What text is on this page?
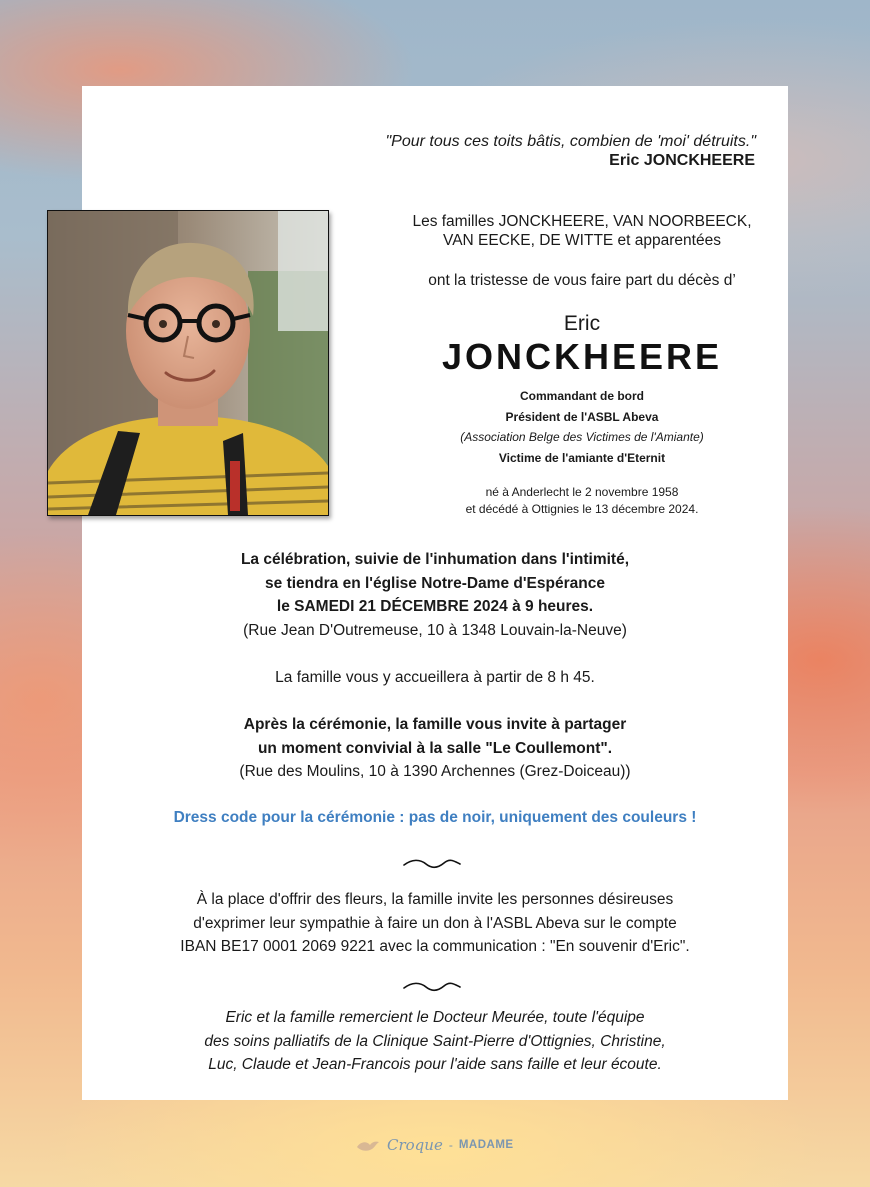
"Pour tous ces toits bâtis, combien de 'moi' détruits."
Eric JONCKHEERE
Les familles JONCKHEERE, VAN NOORBEECK,
VAN EECKE, DE WITTE et apparentées
ont la tristesse de vous faire part du décès d’
Eric
JONCKHEERE
Commandant de bord
Président de l'ASBL Abeva
(Association Belge des Victimes de l'Amiante)
Victime de l'amiante d'Eternit
né à Anderlecht le 2 novembre 1958
et décédé à Ottignies le 13 décembre 2024.
La célébration, suivie de l'inhumation dans l'intimité,
se tiendra en l'église Notre-Dame d'Espérance
le SAMEDI 21 DÉCEMBRE 2024 à 9 heures.
(Rue Jean D'Outremeuse, 10 à 1348 Louvain-la-Neuve)
La famille vous y accueillera à partir de 8 h 45.
Après la cérémonie, la famille vous invite à partager
un moment convivial à la salle "Le Coullemont".
(Rue des Moulins, 10 à 1390 Archennes (Grez-Doiceau))
Dress code pour la cérémonie : pas de noir, uniquement des couleurs !
À la place d'offrir des fleurs, la famille invite les personnes désireuses
d'exprimer leur sympathie à faire un don à l'ASBL Abeva sur le compte
IBAN BE17 0001 2069 9221 avec la communication : "En souvenir d'Eric".
Eric et la famille remercient le Docteur Meurée, toute l'équipe
des soins palliatifs de la Clinique Saint-Pierre d'Ottignies, Christine,
Luc, Claude et Jean-Francois pour l'aide sans faille et leur écoute.
Croque - MADAME
